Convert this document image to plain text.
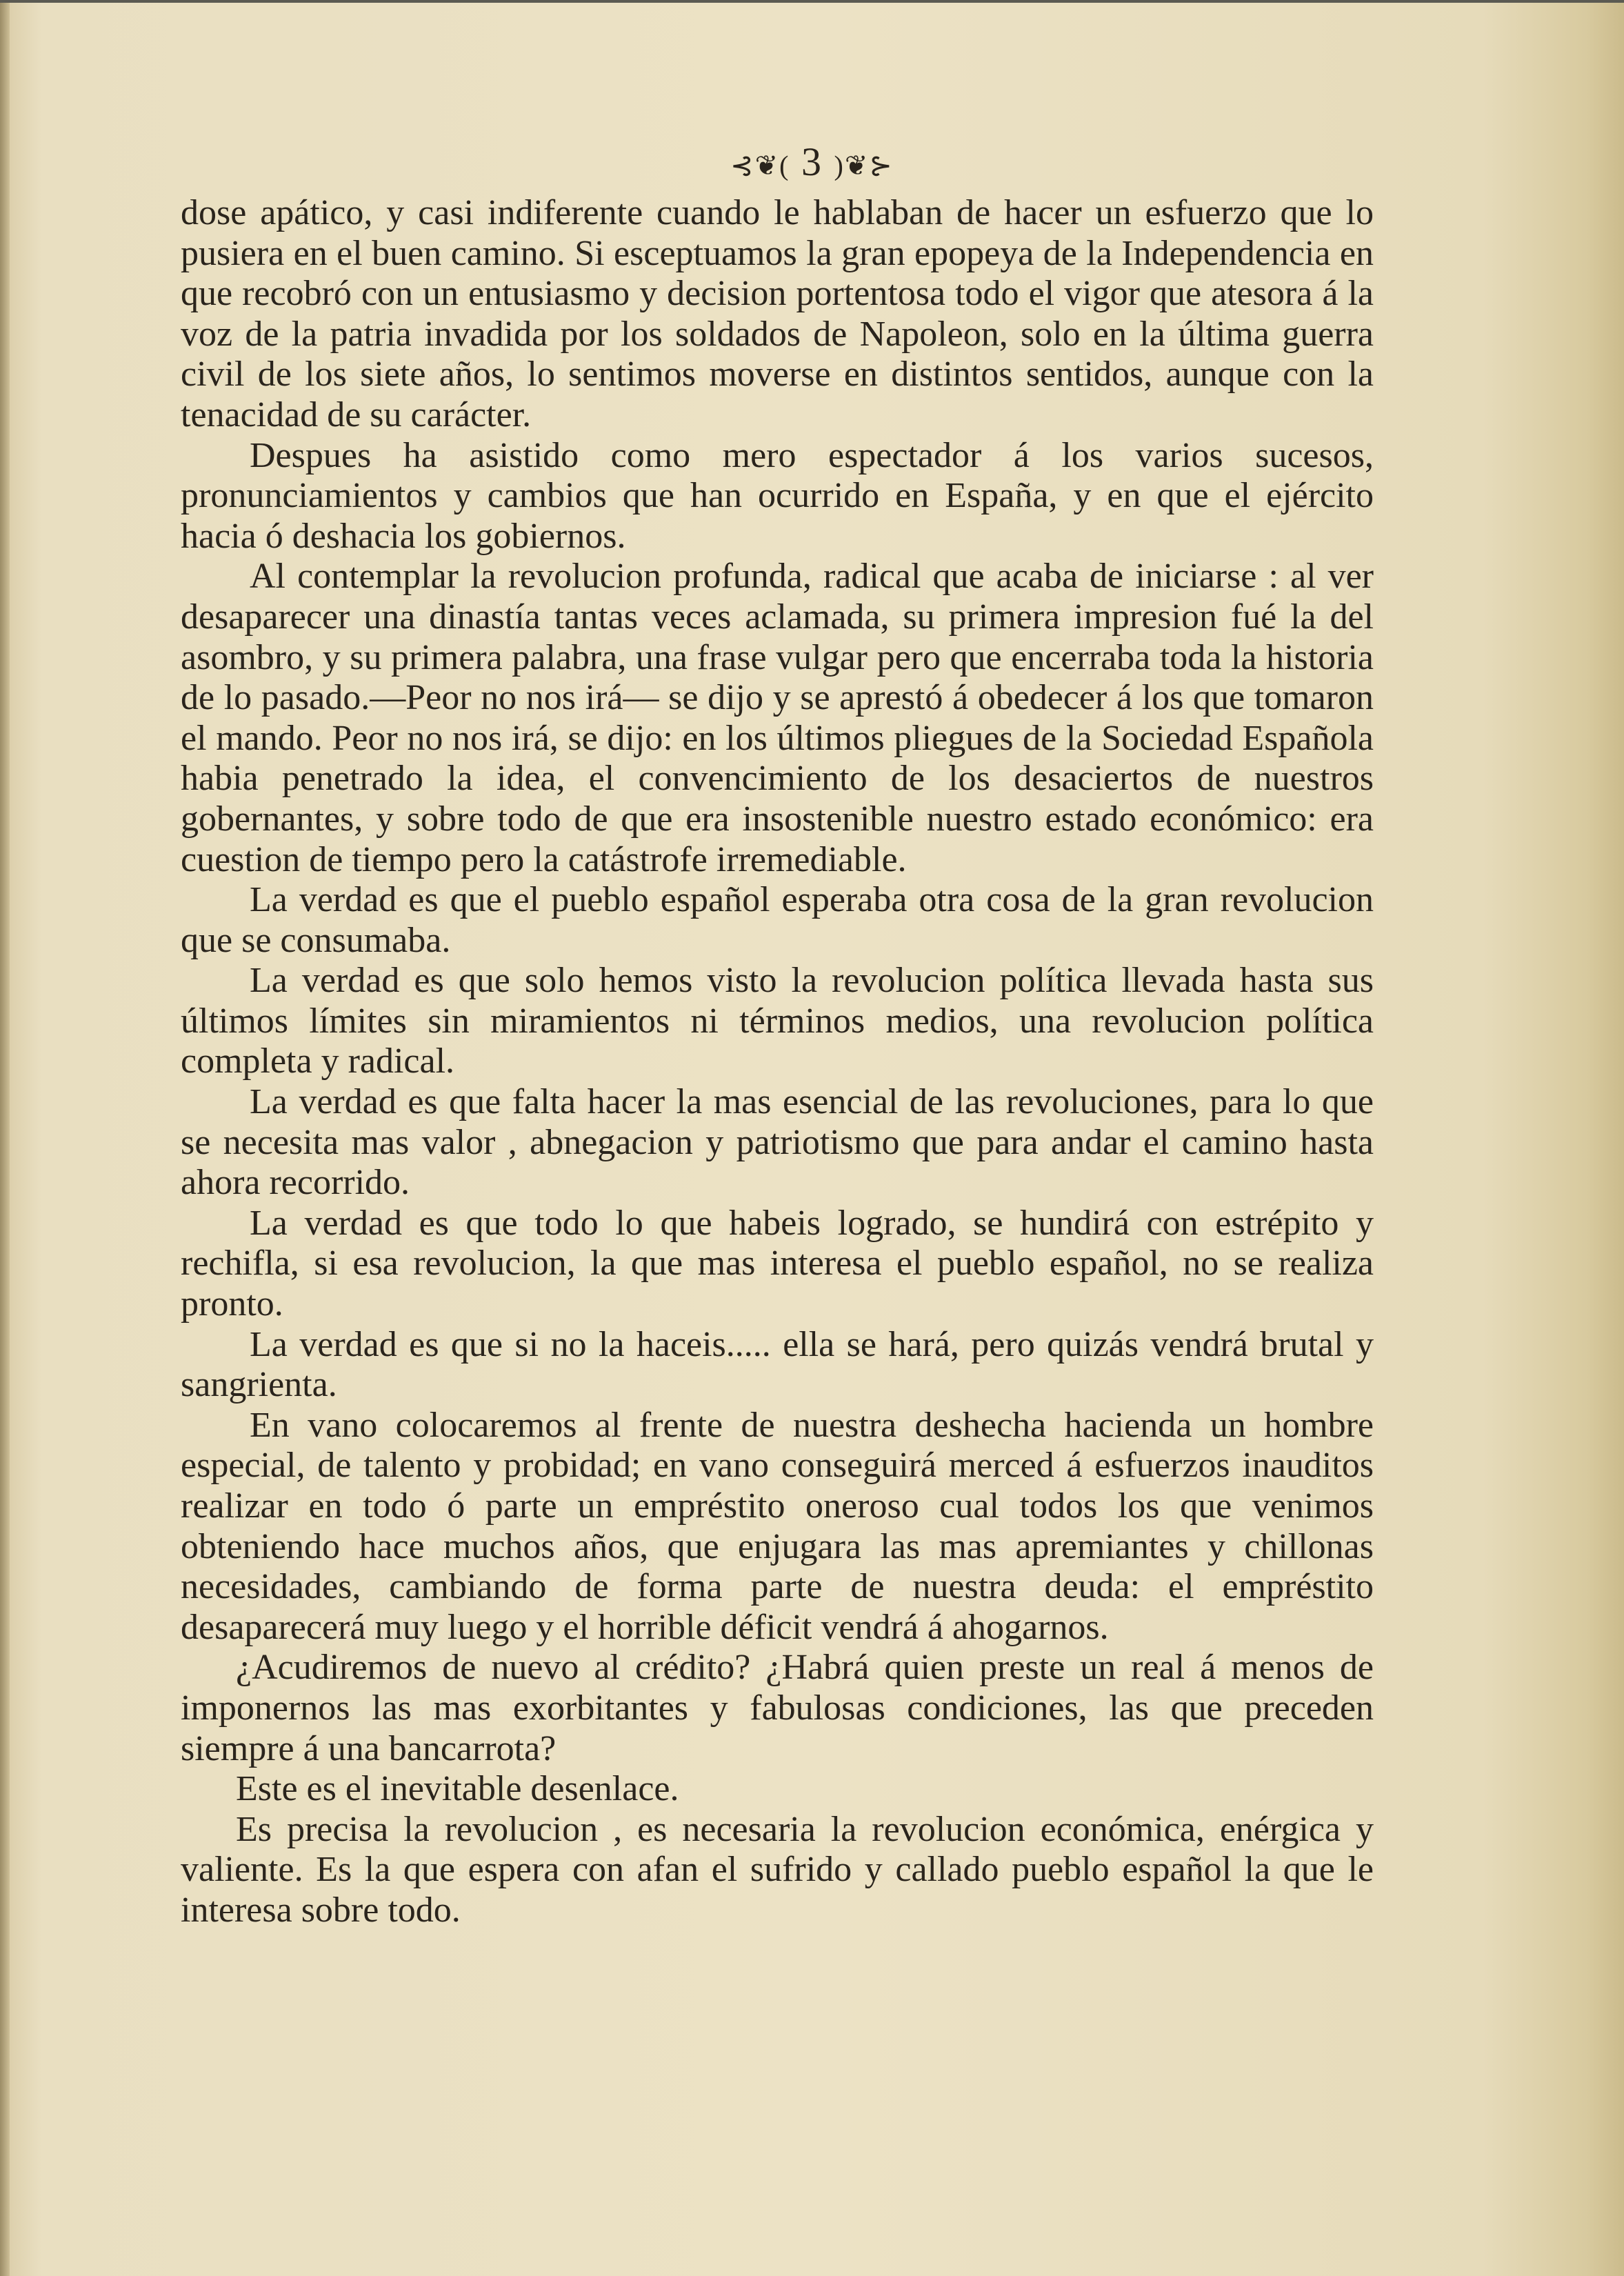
⊰❦( 3 )❦⊱

dose apático, y casi indiferente cuando le hablaban de hacer un esfuerzo que lo pusiera en el buen camino. Si esceptuamos la gran epopeya de la Independencia en que recobró con un entusiasmo y decision portentosa todo el vigor que atesora á la voz de la patria invadida por los soldados de Napoleon, solo en la última guerra civil de los siete años, lo sentimos moverse en distintos sentidos, aunque con la tenacidad de su carácter.

Despues ha asistido como mero espectador á los varios sucesos, pronunciamientos y cambios que han ocurrido en España, y en que el ejército hacia ó deshacia los gobiernos.

Al contemplar la revolucion profunda, radical que acaba de iniciarse : al ver desaparecer una dinastía tantas veces aclamada, su primera impresion fué la del asombro, y su primera palabra, una frase vulgar pero que encerraba toda la historia de lo pasado.—Peor no nos irá— se dijo y se aprestó á obedecer á los que tomaron el mando. Peor no nos irá, se dijo: en los últimos pliegues de la Sociedad Española habia penetrado la idea, el convencimiento de los desaciertos de nuestros gobernantes, y sobre todo de que era insostenible nuestro estado económico: era cuestion de tiempo pero la catástrofe irremediable.

La verdad es que el pueblo español esperaba otra cosa de la gran revolucion que se consumaba.

La verdad es que solo hemos visto la revolucion política llevada hasta sus últimos límites sin miramientos ni términos medios, una revolucion política completa y radical.

La verdad es que falta hacer la mas esencial de las revoluciones, para lo que se necesita mas valor , abnegacion y patriotismo que para andar el camino hasta ahora recorrido.

La verdad es que todo lo que habeis logrado, se hundirá con estrépito y rechifla, si esa revolucion, la que mas interesa el pueblo español, no se realiza pronto.

La verdad es que si no la haceis..... ella se hará, pero quizás vendrá brutal y sangrienta.

En vano colocaremos al frente de nuestra deshecha hacienda un hombre especial, de talento y probidad; en vano conseguirá merced á esfuerzos inauditos realizar en todo ó parte un empréstito oneroso cual todos los que venimos obteniendo hace muchos años, que enjugara las mas apremiantes y chillonas necesidades, cambiando de forma parte de nuestra deuda: el empréstito desaparecerá muy luego y el horrible déficit vendrá á ahogarnos.

¿Acudiremos de nuevo al crédito? ¿Habrá quien preste un real á menos de imponernos las mas exorbitantes y fabulosas condiciones, las que preceden siempre á una bancarrota?

Este es el inevitable desenlace.

Es precisa la revolucion , es necesaria la revolucion económica, enérgica y valiente. Es la que espera con afan el sufrido y callado pueblo español la que le interesa sobre todo.
